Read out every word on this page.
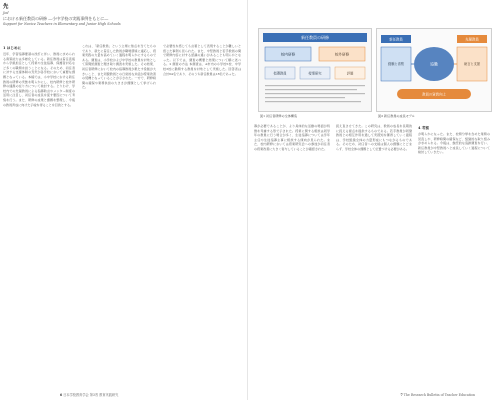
先
Jed
における新任教員の研修 ―小中学校の実践事例をもとに―
Support for Novice Teachers in Elementary and Junior High Schools
1 はじめに

近年、学習指導要領の改訂に伴い、教員に求められる資質能力は多様化している。新任教員は着任直後から学級担任として授業や生徒指導、保護者対応など多くの職務を担うことになる。そのため、初任者に対する支援体制の充実が各学校において重要な課題となっている。本稿では、小中学校における新任教員の研修の実態を明らかにし、校内研修と校外研修の連携の在り方について検討する。とりわけ、学校内での先輩教員による指導助言やメンター制度の活用に注目し、初任者の成長を促す要因について考察を行う。また、研修の成果と課題を整理し、今後の教員育成に向けた示唆を得ることを目的とする。

これは、「新任教員」という立場に焦点を当てたものであり、新たに着任した教員が職場環境に適応し、授業実践の力量を高めていく過程を明らかにするものである。調査は、小学校および中学校の教員を対象として質問紙調査と聞き取り調査を実施した。その結果、初任者研修において校内の指導教員が果たす役割が大きいこと、また同僚教員との日常的な対話が授業改善の契機となっていることが示された。一方で、研修時間の確保や業務負担の大きさが課題として挙げられた。

で必要性を感じても言葉として表現することが難しいと感じた事例も見られた。また、中堅教員と若手教員の間で研修内容に対する認識の違いがあることも明らかとなった。以下では、調査の概要と結果について順に述べる。2 調査の方法 本調査は、A市内の小学校5校、中学校3校に勤務する教員を対象として実施した。回答者は合計64名であり、そのうち新任教員は18名であった。

6 日本学校教育学会 第3巻 教育実践研究
新任教員の研修
校内研修	校外研修
指導教員	授業研究	評価
図1 初任者研修の全体構造
新任教員	先輩教員
経験と省察	助言と支援
協働
教員の資質向上
図2 新任教員の成長モデル

導が必要であることが、より具体的な活動の場面が特徴を考慮する形で示された。授業に関する相談は同学年の教員に行う場合が多く、生徒指導については学年主任や生徒指導主事に相談する傾向が見られた。また、校内研修においては授業研究会への参加が初任者の授業改善に大きく寄与していることが確認された。

捉え直させてきた。この研究は、教員の成長を長期的に捉える視点を提供するものである。若手教員が同僚教員との相互作用を通して実践知を獲得していく過程は、学校組織全体の力量形成にもつながるものである。そのため、初任者への支援は個人の課題にとどまらず、学校全体の課題として位置づける必要がある。

4 考察

が明らかになった。また、校務分掌を含めた業務の見直しや、研修時間の確保など、組織的な取り組みが求められる。今後は、継続的な追跡調査を行い、新任教員が中堅教員へと成長していく過程について検討していきたい。

7 The Research Bulletin of Teacher Education
